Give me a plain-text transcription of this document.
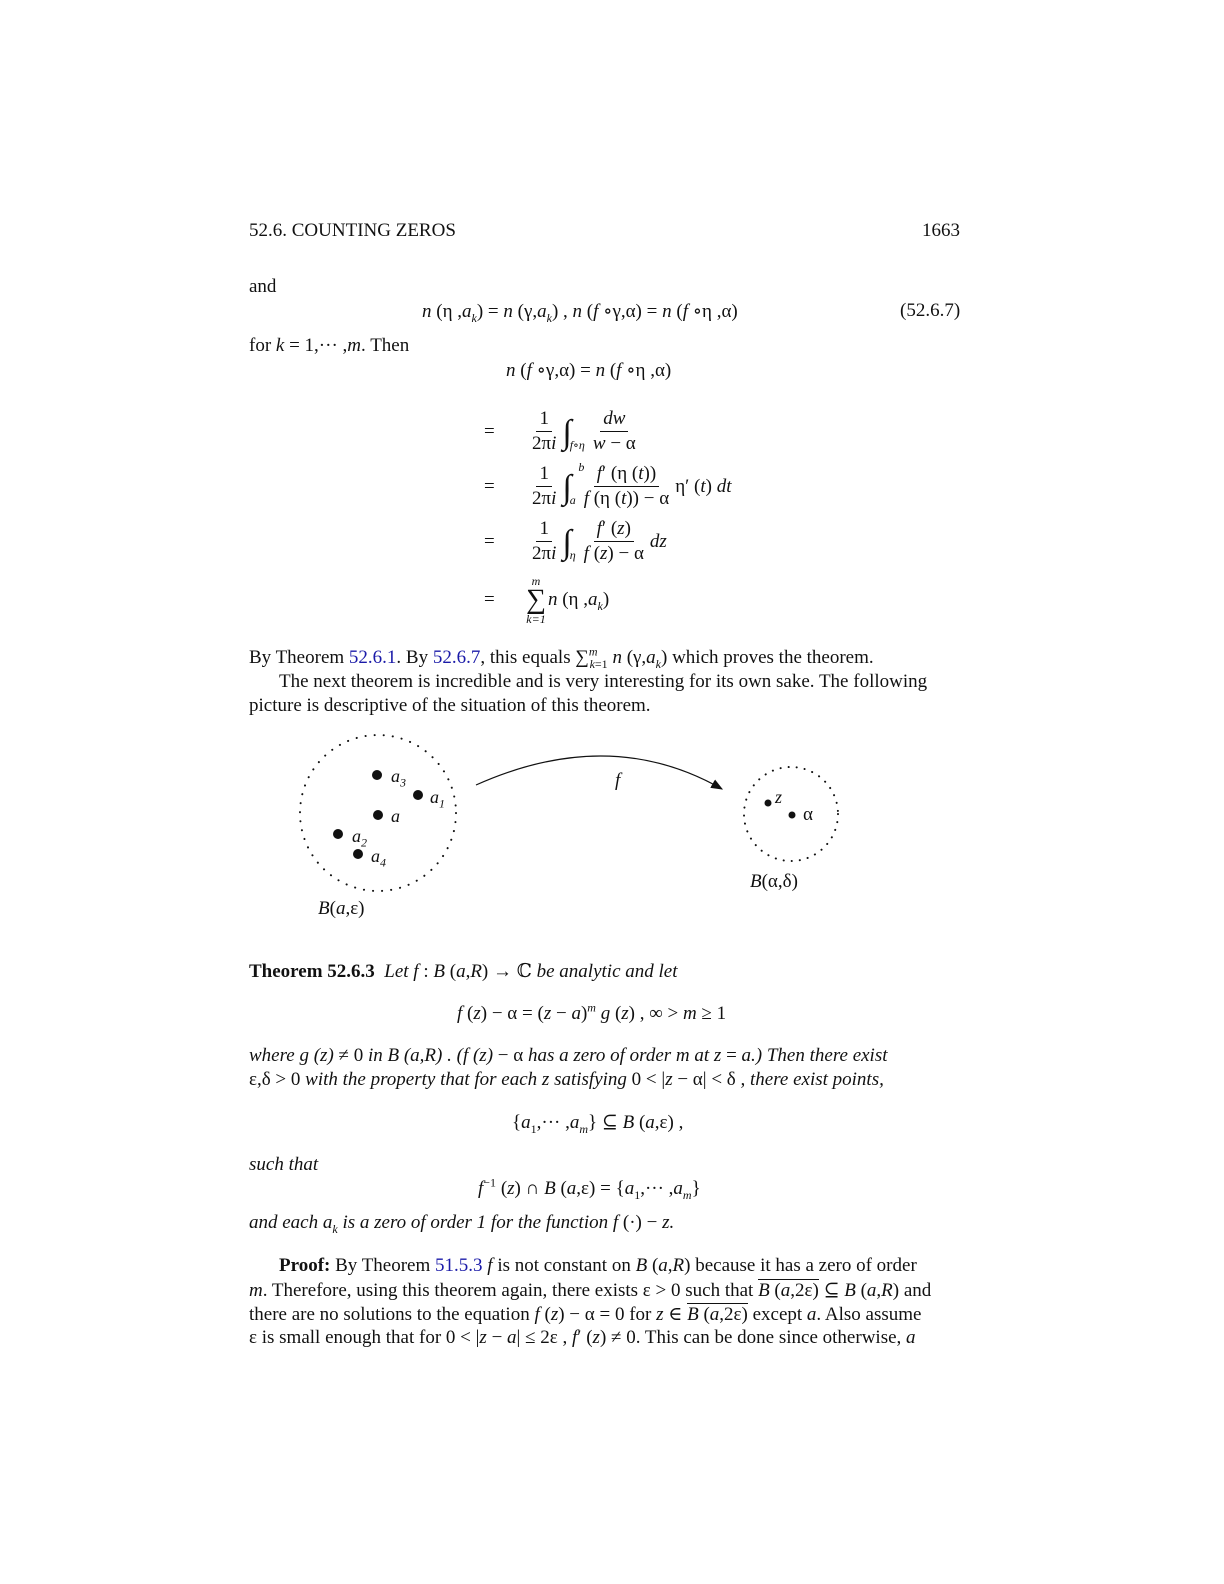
52.6. COUNTING ZEROS	1663
and
n (η $,a_k) = n$ $(\gamma,a_k)$ , n (f ∘γ,α) = n (f ∘η ,α)	(52.6.7)
for k = 1,··· ,m. Then
n (f ∘γ,α) = n (f ∘η ,α)
=	$\frac{1}{2\pi i}$ ∫
f∘η $\frac{dw}{w - \alpha}$
=	$\frac{1}{2\pi i}$ ∫
b
a $\frac{f' (\eta (t))}{f (\eta (t)) - \alpha} \eta'$ (t) dt
=	$\frac{1}{2\pi i}$ ∫
η $\frac{f' (z)}{f (z) - \alpha}$ dz
=
m
∑
k=1
n (η $,a_k$)
By Theorem 52.6.1. By 52.6.7, this equals ∑$^m_{k=1}$ n $(\gamma,a_k)$ which proves the theorem.
The next theorem is incredible and is very interesting for its own sake. The following
picture is descriptive of the situation of this theorem.
$a_3$
$a_1$
a
$a_2$
$a_4$
B(a,ε)
f
z
α
B(α,δ)
Theorem 52.6.3 Let f : B (a,R) → ℂ be analytic and let
f $(z) - \alpha = (z - a)^m$ g (z) , ∞ > m ≥ 1
where g (z) ≠ 0 in B (a,R) . (f (z) − α has a zero of order m at z = a.) Then there exist
ε,δ > 0 with the property that for each z satisfying 0 < |z − α| < δ , there exist points,
$\{a_1,\cdot\cdot\cdot ,a_m\}$ ⊆ B (a,ε) ,
such that
$f^{-1}$ (z) ∩ B $(a,\varepsilon) = \{a_1,\cdot\cdot\cdot ,a_m\}$
and each $a_k$ is a zero of order 1 for the function f (·) − z.
Proof: By Theorem 51.5.3 f is not constant on B (a,R) because it has a zero of order
m. Therefore, using this theorem again, there exists ε > 0 such that B (a,2ε) ⊆ B (a,R) and
there are no solutions to the equation f (z) − α = 0 for z ∈ B (a,2ε) except a. Also assume
ε is small enough that for 0 < |z − a| ≤ 2ε , f′ (z) ≠ 0. This can be done since otherwise, a
